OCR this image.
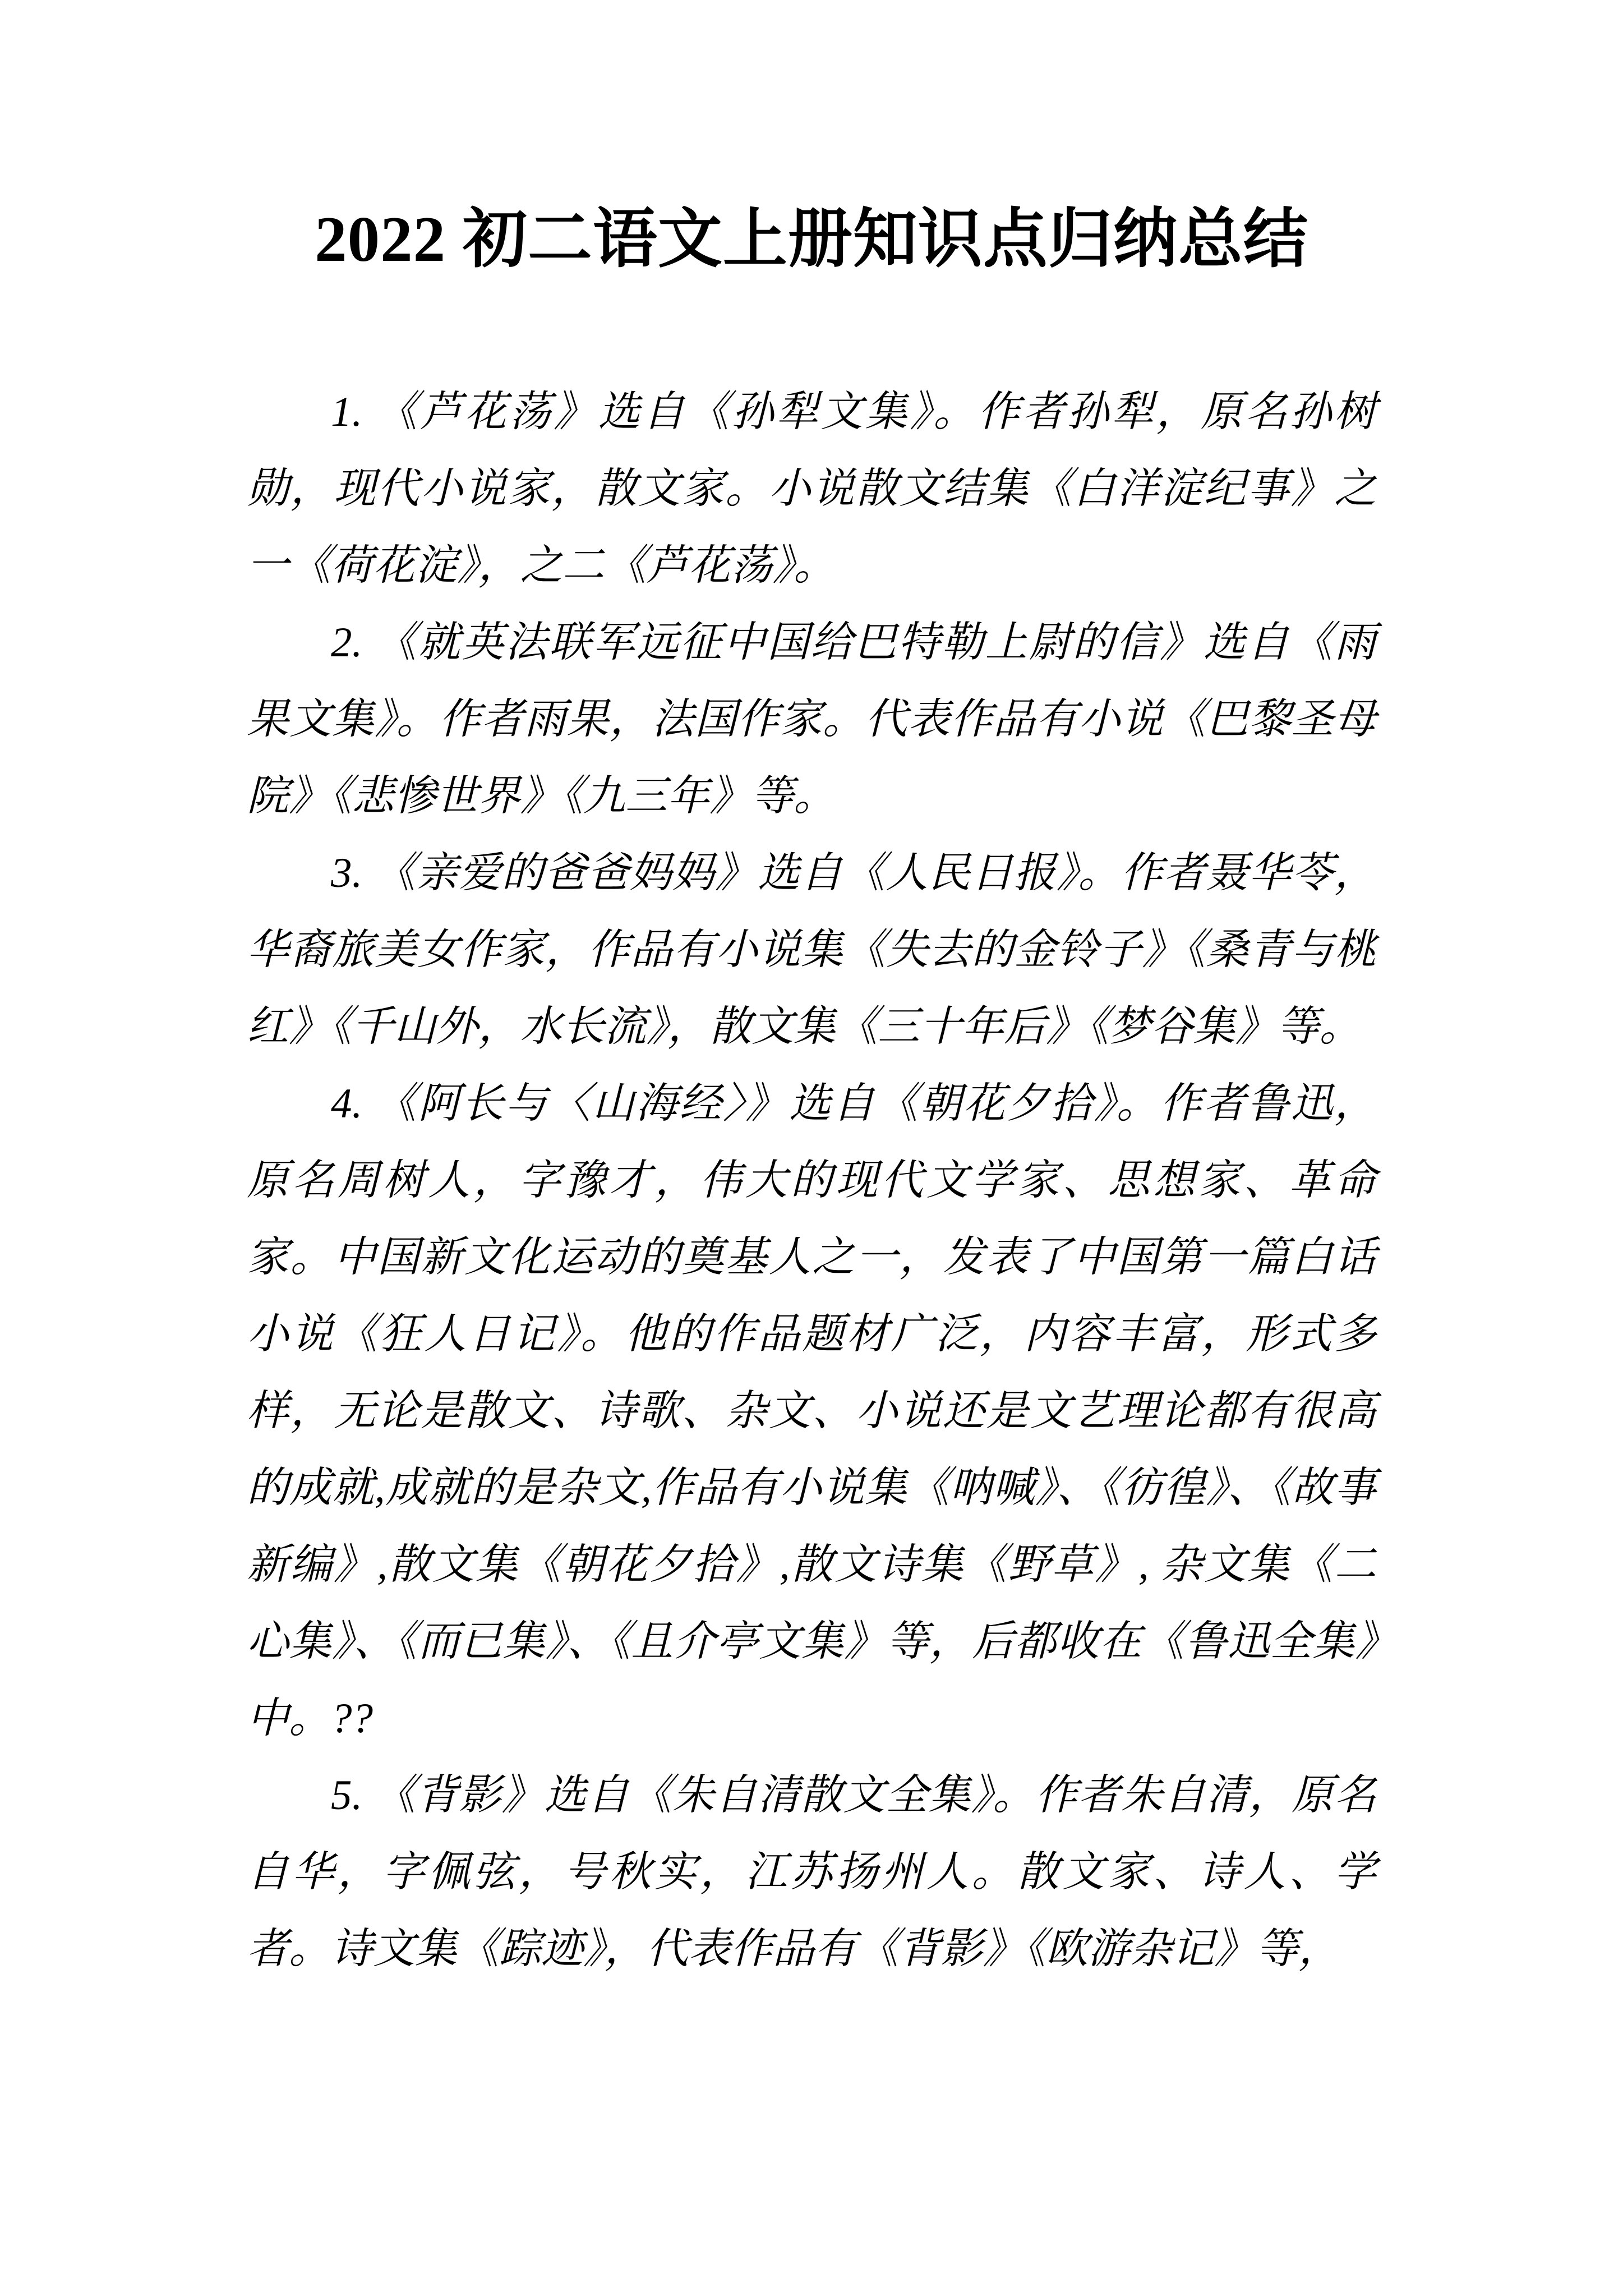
2022 初二语文上册知识点归纳总结

1. 《芦花荡》选自《孙犁文集》。作者孙犁，原名孙树勋，现代小说家，散文家。小说散文结集《白洋淀纪事》之一《荷花淀》，之二《芦花荡》。

2. 《就英法联军远征中国给巴特勒上尉的信》选自《雨果文集》。作者雨果，法国作家。代表作品有小说《巴黎圣母院》《悲惨世界》《九三年》等。

3. 《亲爱的爸爸妈妈》选自《人民日报》。作者聂华苓，华裔旅美女作家，作品有小说集《失去的金铃子》《桑青与桃红》《千山外，水长流》，散文集《三十年后》《梦谷集》等。

4. 《阿长与〈山海经〉》选自《朝花夕拾》。作者鲁迅，原名周树人，字豫才，伟大的现代文学家、思想家、革命家。中国新文化运动的奠基人之一，发表了中国第一篇白话小说《狂人日记》。他的作品题材广泛，内容丰富，形式多样，无论是散文、诗歌、杂文、小说还是文艺理论都有很高的成就,成就的是杂文,作品有小说集《呐喊》、《彷徨》、《故事新编》,散文集《朝花夕拾》,散文诗集《野草》, 杂文集《二心集》、《而已集》、《且介亭文集》等，后都收在《鲁迅全集》中。??

5. 《背影》选自《朱自清散文全集》。作者朱自清，原名自华，字佩弦，号秋实，江苏扬州人。散文家、诗人、学者。诗文集《踪迹》，代表作品有《背影》《欧游杂记》等，
